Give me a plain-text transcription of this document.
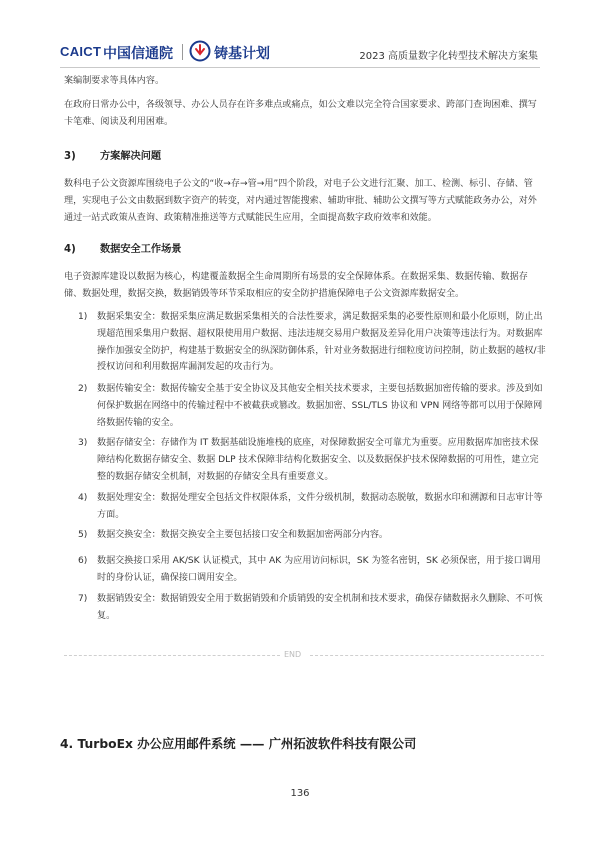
CAICT 中国信通院	铸基计划	2023 高质量数字化转型技术解决方案集
案编制要求等具体内容。
在政府日常办公中，各级领导、办公人员存在许多难点或痛点，如公文难以完全符合国家要求、跨部门查询困难、撰写卡笔难、阅读及利用困难。
3) 方案解决问题
数科电子公文资源库围绕电子公文的“收→存→管→用”四个阶段，对电子公文进行汇聚、加工、检测、标引、存储、管理，实现电子公文由数据到数字资产的转变，对内通过智能搜索、辅助审批、辅助公文撰写等方式赋能政务办公，对外通过一站式政策从查询、政策精准推送等方式赋能民生应用，全面提高数字政府效率和效能。
4) 数据安全工作场景
电子资源库建设以数据为核心，构建覆盖数据全生命周期所有场景的安全保障体系。在数据采集、数据传输、数据存储、数据处理，数据交换，数据销毁等环节采取相应的安全防护措施保障电子公文资源库数据安全。
1) 数据采集安全：数据采集应满足数据采集相关的合法性要求，满足数据采集的必要性原则和最小化原则，防止出现超范围采集用户数据、超权限使用用户数据、违法违规交易用户数据及差异化用户决策等违法行为。对数据库操作加强安全防护，构建基于数据安全的纵深防御体系，针对业务数据进行细粒度访问控制，防止数据的越权/非授权访问和利用数据库漏洞发起的攻击行为。
2) 数据传输安全：数据传输安全基于安全协议及其他安全相关技术要求，主要包括数据加密传输的要求。涉及到如何保护数据在网络中的传输过程中不被截获或篡改。数据加密、SSL/TLS 协议和 VPN 网络等都可以用于保障网络数据传输的安全。
3) 数据存储安全：存储作为 IT 数据基础设施堆栈的底座，对保障数据安全可靠尤为重要。应用数据库加密技术保障结构化数据存储安全、数据 DLP 技术保障非结构化数据安全、以及数据保护技术保障数据的可用性，建立完整的数据存储安全机制，对数据的存储安全具有重要意义。
4) 数据处理安全：数据处理安全包括文件权限体系，文件分级机制，数据动态脱敏，数据水印和溯源和日志审计等方面。
5) 数据交换安全：数据交换安全主要包括接口安全和数据加密两部分内容。
6) 数据交换接口采用 AK/SK 认证模式，其中 AK 为应用访问标识，SK 为签名密钥，SK 必须保密，用于接口调用时的身份认证，确保接口调用安全。
7) 数据销毁安全：数据销毁安全用于数据销毁和介质销毁的安全机制和技术要求，确保存储数据永久删除、不可恢复。
END
4. TurboEx 办公应用邮件系统 —— 广州拓波软件科技有限公司
136
